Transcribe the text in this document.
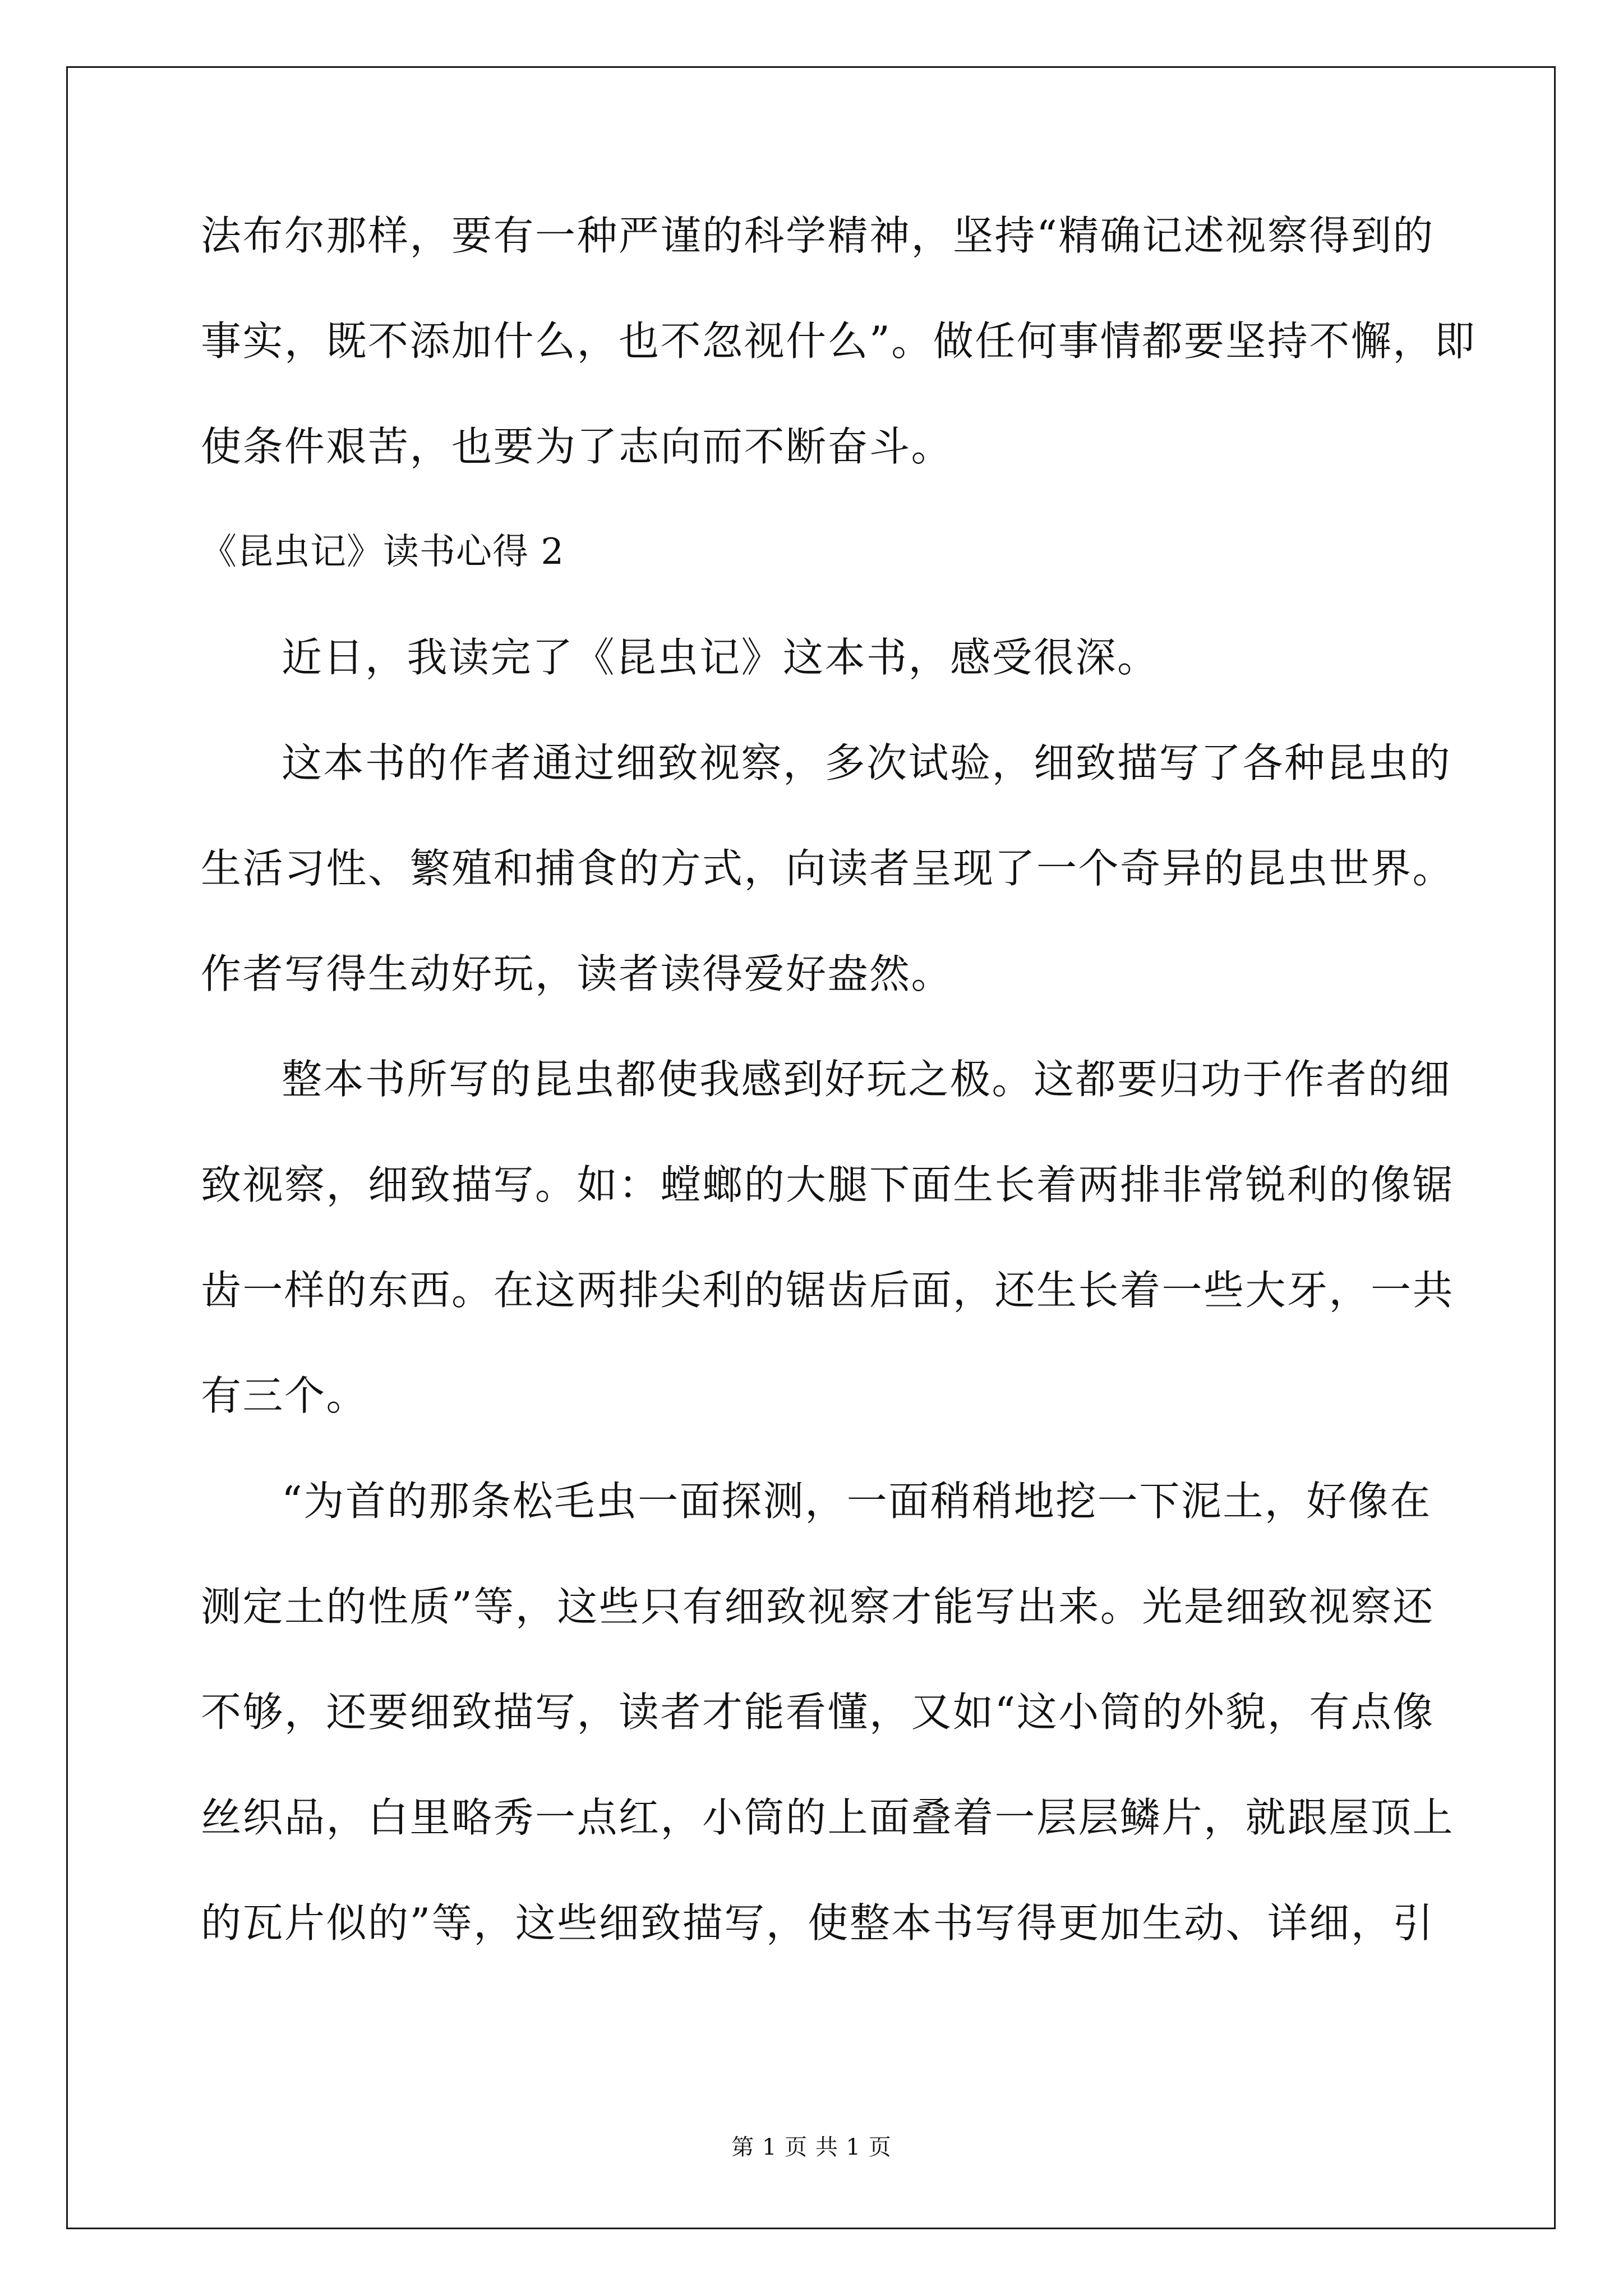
法布尔那样，要有一种严谨的科学精神，坚持“精确记述视察得到的
事实，既不添加什么，也不忽视什么”。做任何事情都要坚持不懈，即
使条件艰苦，也要为了志向而不断奋斗。
《昆虫记》读书心得 2
近日，我读完了《昆虫记》这本书，感受很深。
这本书的作者通过细致视察，多次试验，细致描写了各种昆虫的
生活习性、繁殖和捕食的方式，向读者呈现了一个奇异的昆虫世界。
作者写得生动好玩，读者读得爱好盎然。
整本书所写的昆虫都使我感到好玩之极。这都要归功于作者的细
致视察，细致描写。如：螳螂的大腿下面生长着两排非常锐利的像锯
齿一样的东西。在这两排尖利的锯齿后面，还生长着一些大牙，一共
有三个。
“为首的那条松毛虫一面探测，一面稍稍地挖一下泥土，好像在
测定土的性质”等，这些只有细致视察才能写出来。光是细致视察还
不够，还要细致描写，读者才能看懂，又如“这小筒的外貌，有点像
丝织品，白里略秀一点红，小筒的上面叠着一层层鳞片，就跟屋顶上
的瓦片似的”等，这些细致描写，使整本书写得更加生动、详细，引
第 1 页 共 1 页
